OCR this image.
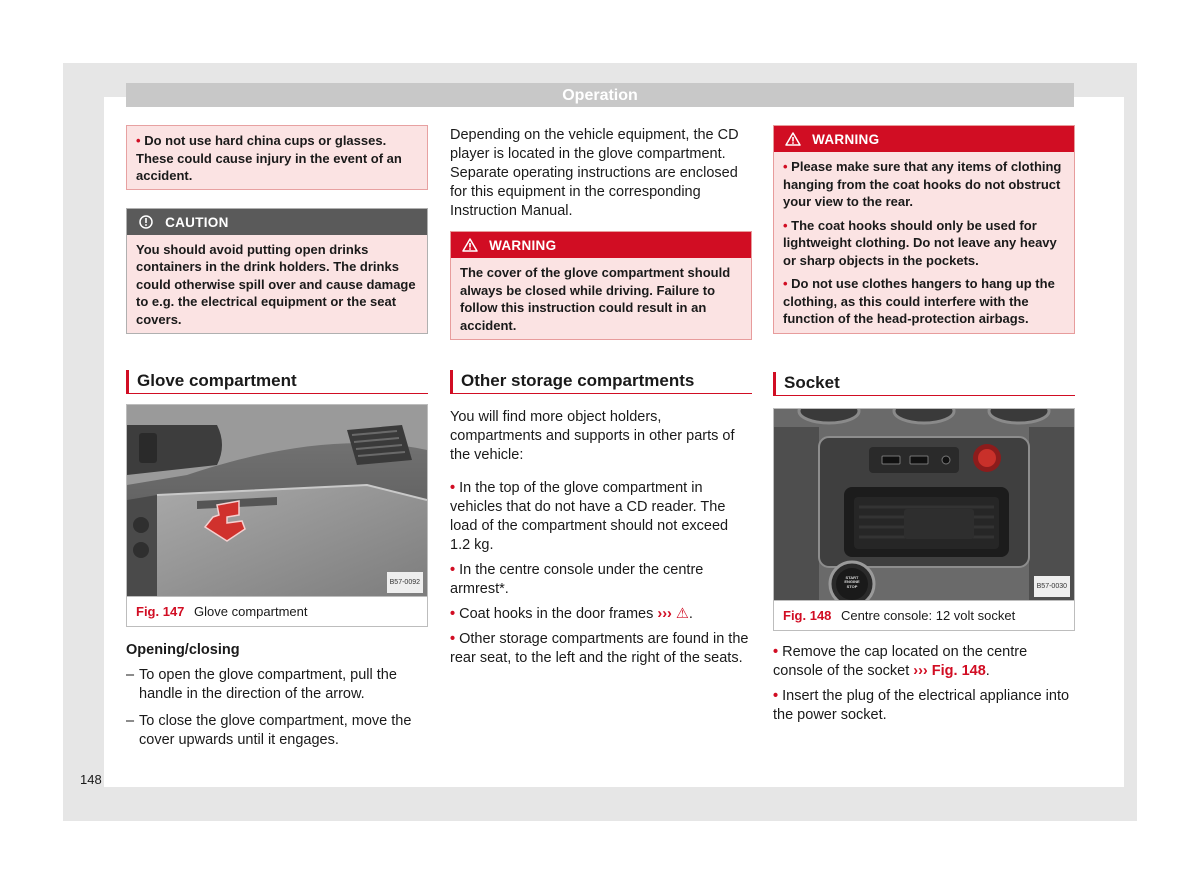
Operation
148
• Do not use hard china cups or glasses. These could cause injury in the event of an accident.
CAUTION
You should avoid putting open drinks containers in the drink holders. The drinks could otherwise spill over and cause damage to e.g. the electrical equipment or the seat covers.
Glove compartment
B57-0092
Fig. 147 Glove compartment
Opening/closing
– To open the glove compartment, pull the handle in the direction of the arrow.
– To close the glove compartment, move the cover upwards until it engages.

Depending on the vehicle equipment, the CD player is located in the glove compartment. Separate operating instructions are enclosed for this equipment in the corresponding Instruction Manual.

WARNING
The cover of the glove compartment should always be closed while driving. Failure to follow this instruction could result in an accident.
Other storage compartments

You will find more object holders, compartments and supports in other parts of the vehicle:

• In the top of the glove compartment in vehicles that do not have a CD reader. The load of the compartment should not exceed 1.2 kg.

• In the centre console under the centre armrest*.

• Coat hooks in the door frames ››› ⚠.

• Other storage compartments are found in the rear seat, to the left and the right of the seats.

WARNING

• Please make sure that any items of clothing hanging from the coat hooks do not obstruct your view to the rear.

• The coat hooks should only be used for lightweight clothing. Do not leave any heavy or sharp objects in the pockets.

• Do not use clothes hangers to hang up the clothing, as this could interfere with the function of the head-protection airbags.

Socket
B57-0030
START ENGINE STOP
Fig. 148 Centre console: 12 volt socket

• Remove the cap located on the centre console of the socket ››› Fig. 148.

• Insert the plug of the electrical appliance into the power socket.
